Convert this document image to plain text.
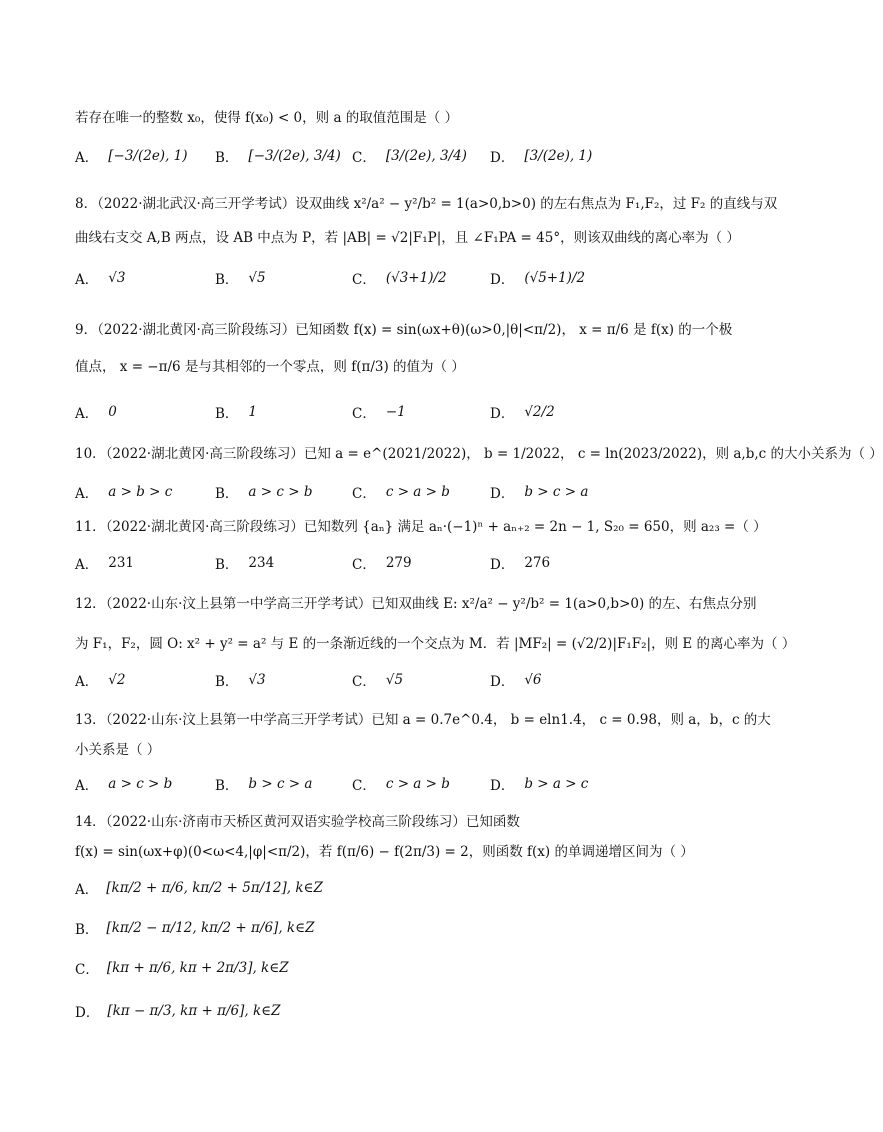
若存在唯一的整数 x₀，使得 f(x₀) < 0，则 a 的取值范围是（ ）
A． [−3/(2e), 1) B． [−3/(2e), 3/4) C． [3/(2e), 3/4) D． [3/(2e), 1)
8．（2022·湖北武汉·高三开学考试）设双曲线 x²/a² − y²/b² = 1(a>0,b>0) 的左右焦点为 F₁,F₂，过 F₂ 的直线与双
曲线右支交 A,B 两点，设 AB 中点为 P，若 |AB| = √2|F₁P|，且 ∠F₁PA = 45°，则该双曲线的离心率为（ ）
A． √3	B． √5	C． (√3+1)/2	D． (√5+1)/2
9．（2022·湖北黄冈·高三阶段练习）已知函数 f(x) = sin(ωx+θ)(ω>0,|θ|<π/2)， x = π/6 是 f(x) 的一个极
值点， x = −π/6 是与其相邻的一个零点，则 f(π/3) 的值为（ ）
A． 0	B． 1	C． −1	D． √2/2
10．（2022·湖北黄冈·高三阶段练习）已知 a = e^(2021/2022)， b = 1/2022， c = ln(2023/2022)，则 a,b,c 的大小关系为（ ）
A． a > b > c	B． a > c > b	C． c > a > b	D． b > c > a
11．（2022·湖北黄冈·高三阶段练习）已知数列 {aₙ} 满足 aₙ·(−1)ⁿ + aₙ₊₂ = 2n − 1, S₂₀ = 650，则 a₂₃ =（ ）
A． 231	B． 234	C． 279	D． 276
12．（2022·山东·汶上县第一中学高三开学考试）已知双曲线 E: x²/a² − y²/b² = 1(a>0,b>0) 的左、右焦点分别
为 F₁，F₂，圆 O: x² + y² = a² 与 E 的一条渐近线的一个交点为 M．若 |MF₂| = (√2/2)|F₁F₂|，则 E 的离心率为（ ）
A． √2	B． √3	C． √5	D． √6
13．（2022·山东·汶上县第一中学高三开学考试）已知 a = 0.7e^0.4， b = eln1.4， c = 0.98，则 a，b，c 的大
小关系是（ ）
A． a > c > b	B． b > c > a	C． c > a > b	D． b > a > c
14．（2022·山东·济南市天桥区黄河双语实验学校高三阶段练习）已知函数
f(x) = sin(ωx+φ)(0<ω<4,|φ|<π/2)，若 f(π/6) − f(2π/3) = 2，则函数 f(x) 的单调递增区间为（ ）
A． [kπ/2 + π/6, kπ/2 + 5π/12], k∈Z
B． [kπ/2 − π/12, kπ/2 + π/6], k∈Z
C． [kπ + π/6, kπ + 2π/3], k∈Z
D． [kπ − π/3, kπ + π/6], k∈Z
